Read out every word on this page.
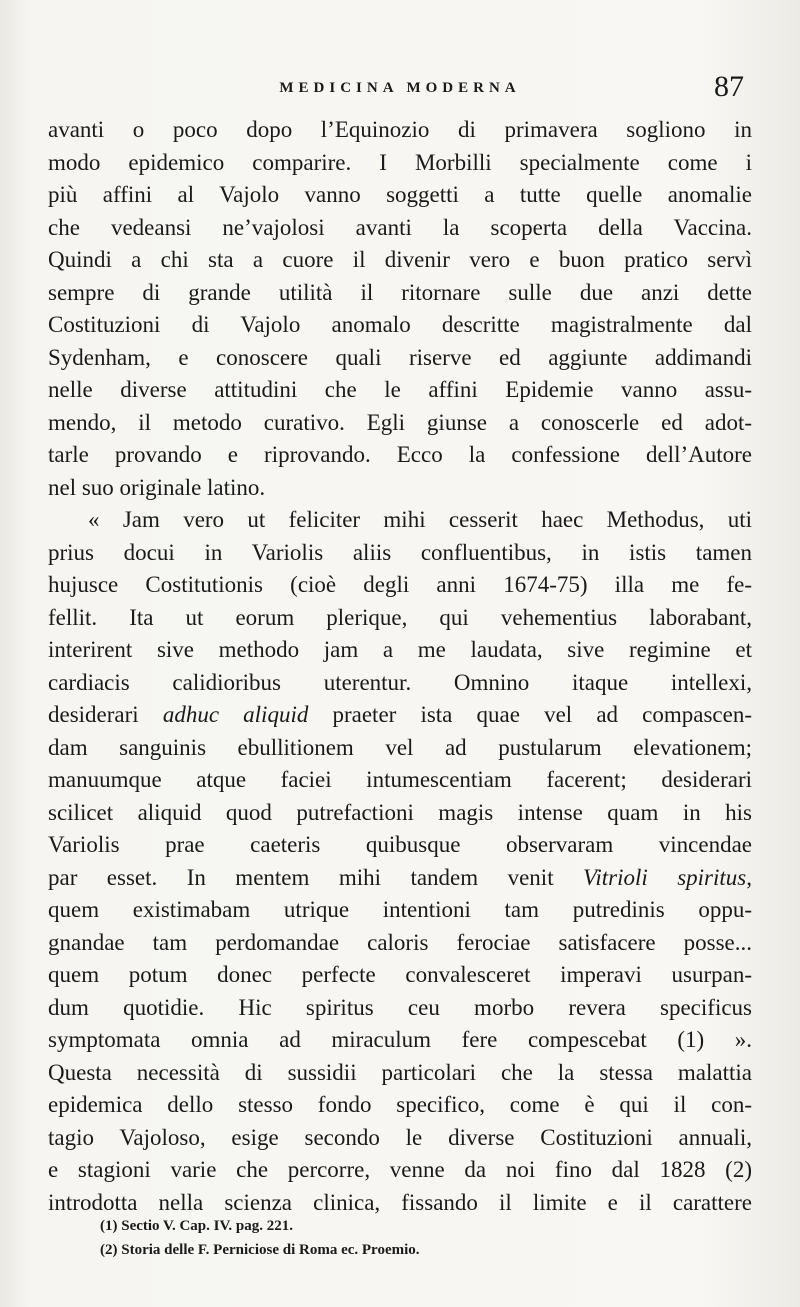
MEDICINA MODERNA	87
avanti o poco dopo l’Equinozio di primavera sogliono in
modo epidemico comparire. I Morbilli specialmente come i
più affini al Vajolo vanno soggetti a tutte quelle anomalie
che vedeansi ne’vajolosi avanti la scoperta della Vaccina.
Quindi a chi sta a cuore il divenir vero e buon pratico servì
sempre di grande utilità il ritornare sulle due anzi dette
Costituzioni di Vajolo anomalo descritte magistralmente dal
Sydenham, e conoscere quali riserve ed aggiunte addimandi
nelle diverse attitudini che le affini Epidemie vanno assu-
mendo, il metodo curativo. Egli giunse a conoscerle ed adot-
tarle provando e riprovando. Ecco la confessione dell’Autore
nel suo originale latino.
« Jam vero ut feliciter mihi cesserit haec Methodus, uti
prius docui in Variolis aliis confluentibus, in istis tamen
hujusce Costitutionis (cioè degli anni 1674-75) illa me fe-
fellit. Ita ut eorum plerique, qui vehementius laborabant,
interirent sive methodo jam a me laudata, sive regimine et
cardiacis calidioribus uterentur. Omnino itaque intellexi,
desiderari adhuc aliquid praeter ista quae vel ad compascen-
dam sanguinis ebullitionem vel ad pustularum elevationem;
manuumque atque faciei intumescentiam facerent; desiderari
scilicet aliquid quod putrefactioni magis intense quam in his
Variolis prae caeteris quibusque observaram vincendae
par esset. In mentem mihi tandem venit Vitrioli spiritus,
quem existimabam utrique intentioni tam putredinis oppu-
gnandae tam perdomandae caloris ferociae satisfacere posse...
quem potum donec perfecte convalesceret imperavi usurpan-
dum quotidie. Hic spiritus ceu morbo revera specificus
symptomata omnia ad miraculum fere compescebat (1) ».
Questa necessità di sussidii particolari che la stessa malattia
epidemica dello stesso fondo specifico, come è qui il con-
tagio Vajoloso, esige secondo le diverse Costituzioni annuali,
e stagioni varie che percorre, venne da noi fino dal 1828 (2)
introdotta nella scienza clinica, fissando il limite e il carattere
(1) Sectio V. Cap. IV. pag. 221.
(2) Storia delle F. Perniciose di Roma ec. Proemio.
